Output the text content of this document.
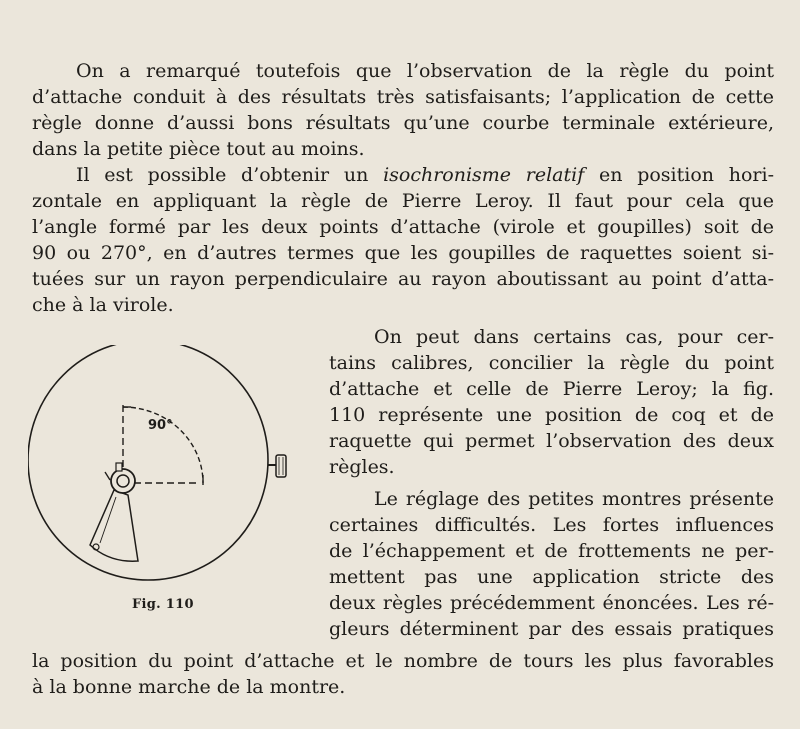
On a remarqué toutefois que l’observation de la règle du point
d’attache conduit à des résultats très satisfaisants; l’application de cette
règle donne d’aussi bons résultats qu’une courbe terminale extérieure,
dans la petite pièce tout au moins.
Il est possible d’obtenir un isochronisme relatif en position hori-
zontale en appliquant la règle de Pierre Leroy. Il faut pour cela que
l’angle formé par les deux points d’attache (virole et goupilles) soit de
90 ou 270°, en d’autres termes que les goupilles de raquettes soient si-
tuées sur un rayon perpendiculaire au rayon aboutissant au point d’atta-
che à la virole.
On peut dans certains cas, pour cer-
tains calibres, concilier la règle du point
d’attache et celle de Pierre Leroy; la fig.
110 représente une position de coq et de
raquette qui permet l’observation des deux
règles.
Le réglage des petites montres présente
certaines difficultés. Les fortes influences
de l’échappement et de frottements ne per-
mettent pas une application stricte des
deux règles précédemment énoncées. Les ré-
gleurs déterminent par des essais pratiques
la position du point d’attache et le nombre de tours les plus favorables
à la bonne marche de la montre.
90°
Fig. 110
